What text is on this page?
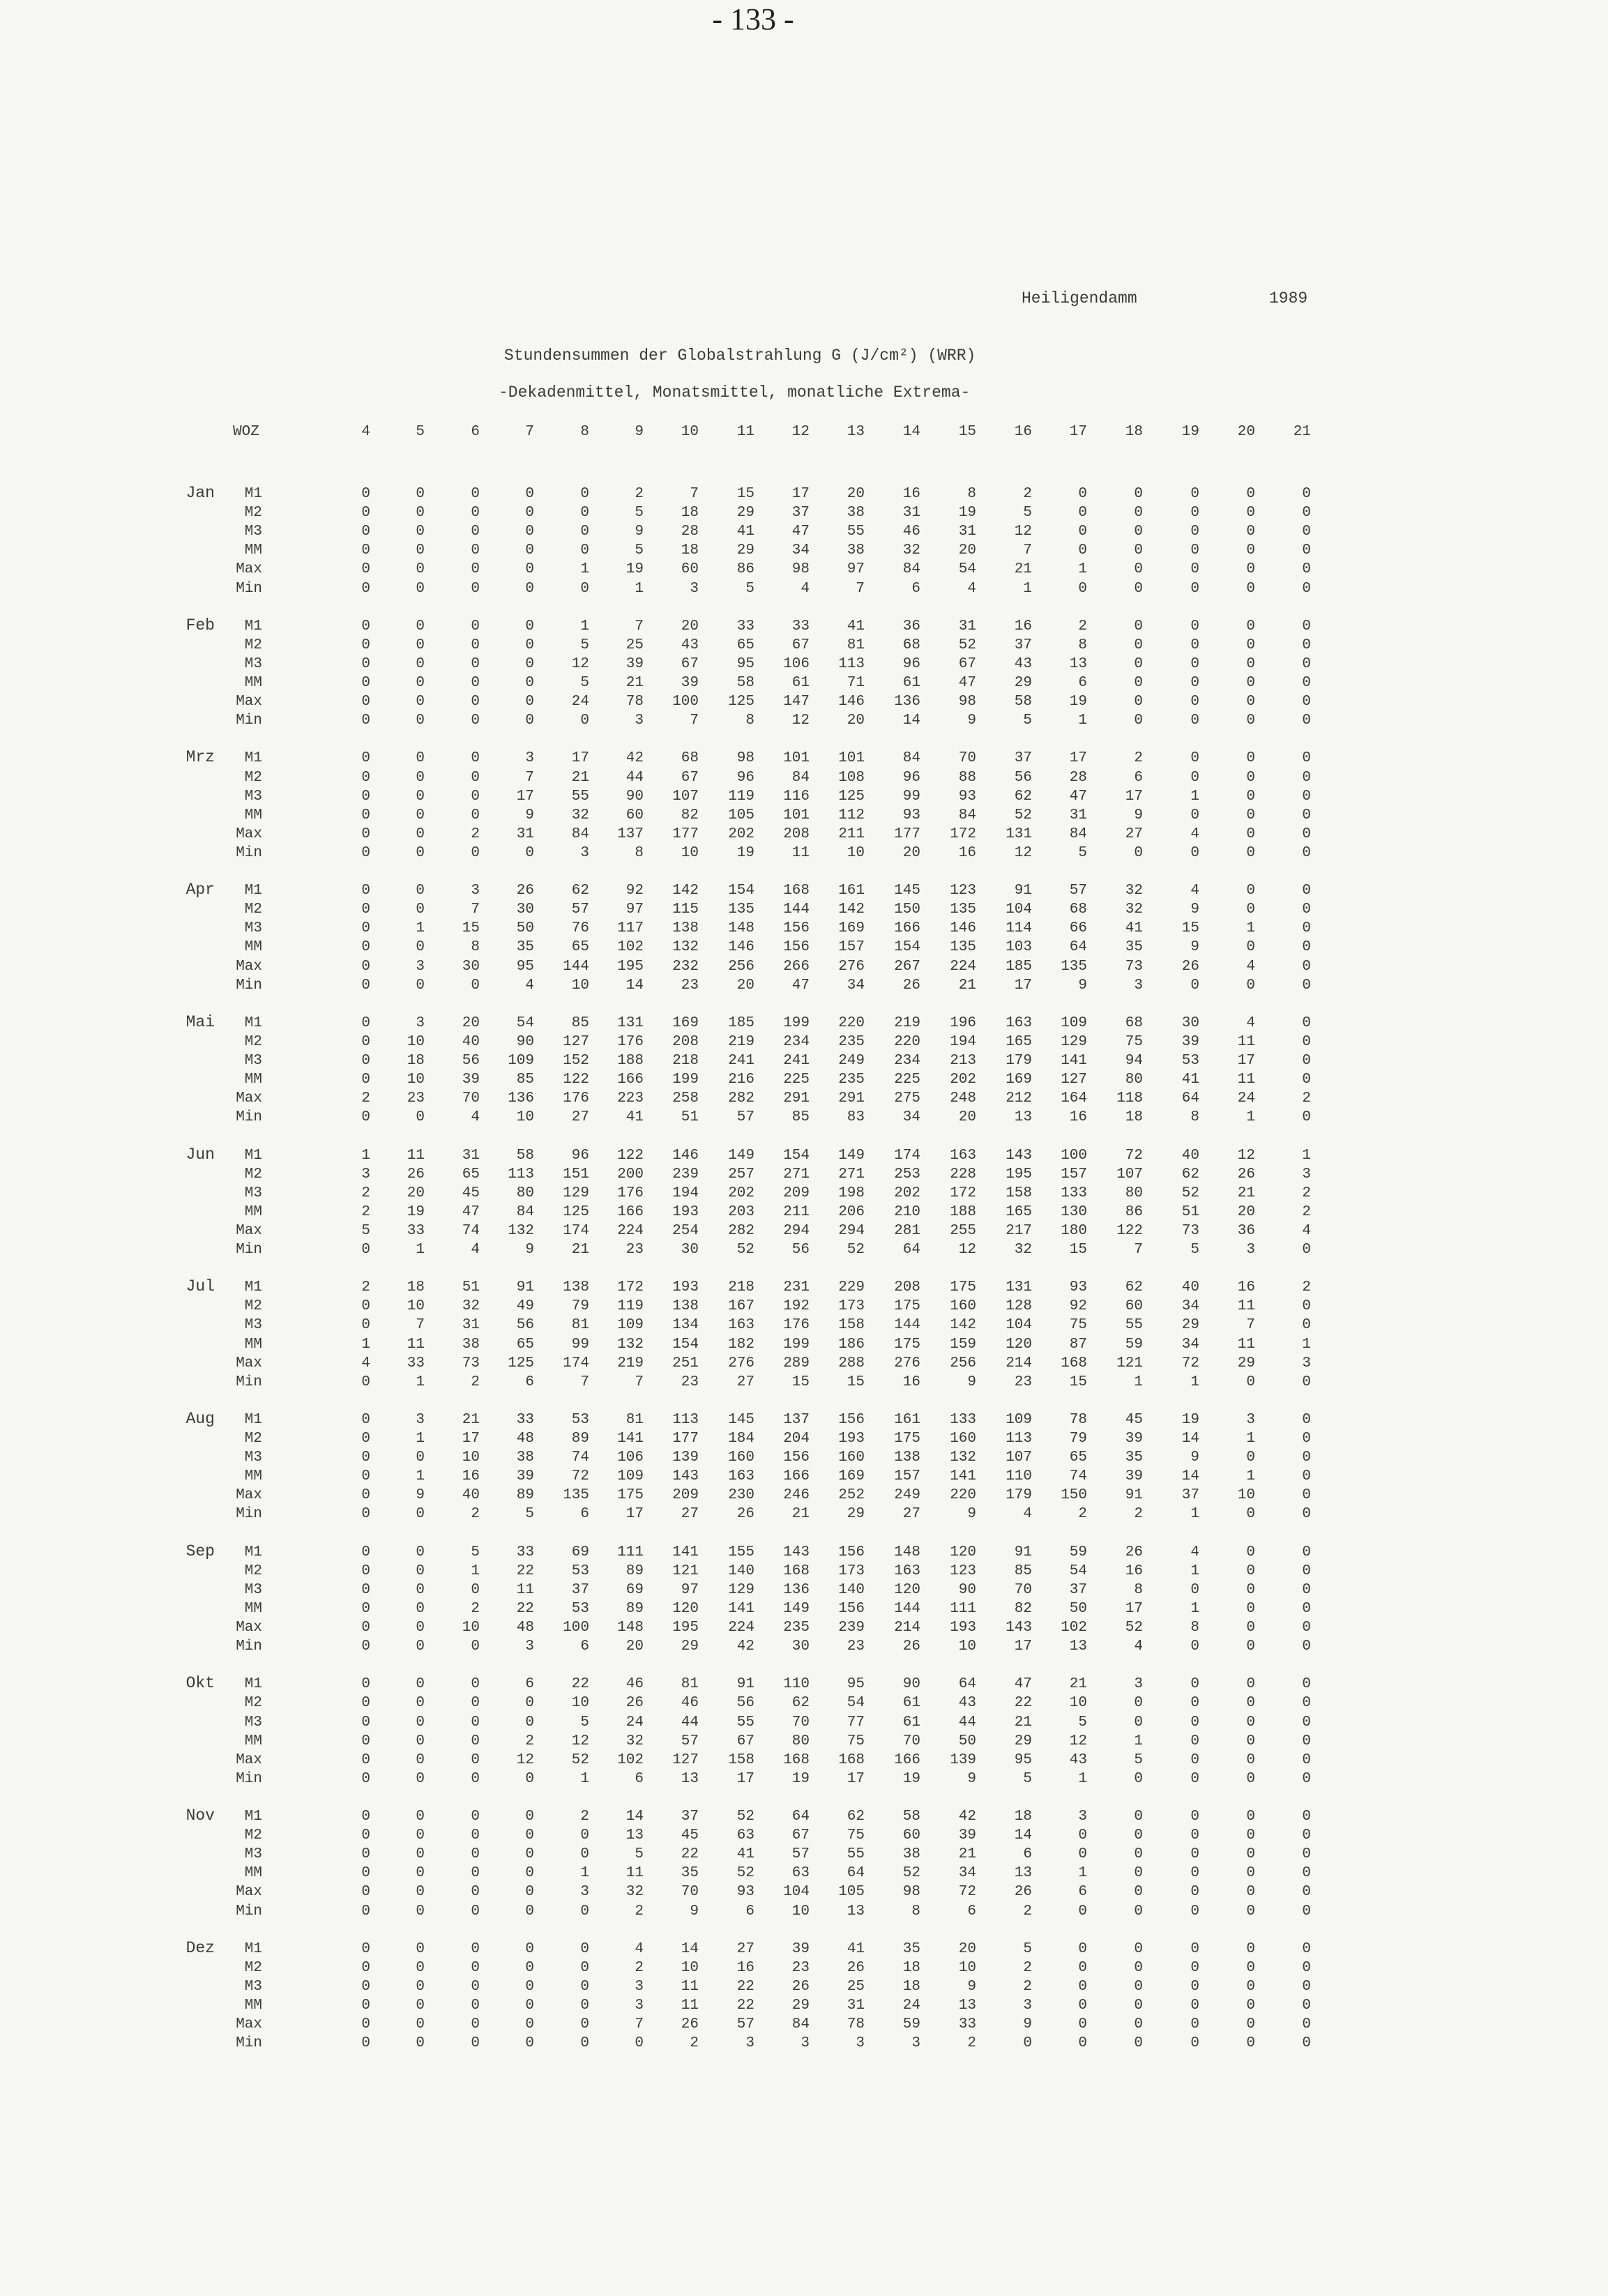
- 133 -
Heiligendamm	1989
Stundensummen der Globalstrahlung G (J/cm²) (WRR)
-Dekadenmittel, Monatsmittel, monatliche Extrema-
WOZ	4	5	6	7	8	9	10	11	12	13	14	15	16	17	18	19	20	21
Jan	M1	0	0	0	0	0	2	7	15	17	20	16	8	2	0	0	0	0	0
M2	0	0	0	0	0	5	18	29	37	38	31	19	5	0	0	0	0	0
M3	0	0	0	0	0	9	28	41	47	55	46	31	12	0	0	0	0	0
MM	0	0	0	0	0	5	18	29	34	38	32	20	7	0	0	0	0	0
Max	0	0	0	0	1	19	60	86	98	97	84	54	21	1	0	0	0	0
Min	0	0	0	0	0	1	3	5	4	7	6	4	1	0	0	0	0	0
Feb	M1	0	0	0	0	1	7	20	33	33	41	36	31	16	2	0	0	0	0
M2	0	0	0	0	5	25	43	65	67	81	68	52	37	8	0	0	0	0
M3	0	0	0	0	12	39	67	95	106	113	96	67	43	13	0	0	0	0
MM	0	0	0	0	5	21	39	58	61	71	61	47	29	6	0	0	0	0
Max	0	0	0	0	24	78	100	125	147	146	136	98	58	19	0	0	0	0
Min	0	0	0	0	0	3	7	8	12	20	14	9	5	1	0	0	0	0
Mrz	M1	0	0	0	3	17	42	68	98	101	101	84	70	37	17	2	0	0	0
M2	0	0	0	7	21	44	67	96	84	108	96	88	56	28	6	0	0	0
M3	0	0	0	17	55	90	107	119	116	125	99	93	62	47	17	1	0	0
MM	0	0	0	9	32	60	82	105	101	112	93	84	52	31	9	0	0	0
Max	0	0	2	31	84	137	177	202	208	211	177	172	131	84	27	4	0	0
Min	0	0	0	0	3	8	10	19	11	10	20	16	12	5	0	0	0	0
Apr	M1	0	0	3	26	62	92	142	154	168	161	145	123	91	57	32	4	0	0
M2	0	0	7	30	57	97	115	135	144	142	150	135	104	68	32	9	0	0
M3	0	1	15	50	76	117	138	148	156	169	166	146	114	66	41	15	1	0
MM	0	0	8	35	65	102	132	146	156	157	154	135	103	64	35	9	0	0
Max	0	3	30	95	144	195	232	256	266	276	267	224	185	135	73	26	4	0
Min	0	0	0	4	10	14	23	20	47	34	26	21	17	9	3	0	0	0
Mai	M1	0	3	20	54	85	131	169	185	199	220	219	196	163	109	68	30	4	0
M2	0	10	40	90	127	176	208	219	234	235	220	194	165	129	75	39	11	0
M3	0	18	56	109	152	188	218	241	241	249	234	213	179	141	94	53	17	0
MM	0	10	39	85	122	166	199	216	225	235	225	202	169	127	80	41	11	0
Max	2	23	70	136	176	223	258	282	291	291	275	248	212	164	118	64	24	2
Min	0	0	4	10	27	41	51	57	85	83	34	20	13	16	18	8	1	0
Jun	M1	1	11	31	58	96	122	146	149	154	149	174	163	143	100	72	40	12	1
M2	3	26	65	113	151	200	239	257	271	271	253	228	195	157	107	62	26	3
M3	2	20	45	80	129	176	194	202	209	198	202	172	158	133	80	52	21	2
MM	2	19	47	84	125	166	193	203	211	206	210	188	165	130	86	51	20	2
Max	5	33	74	132	174	224	254	282	294	294	281	255	217	180	122	73	36	4
Min	0	1	4	9	21	23	30	52	56	52	64	12	32	15	7	5	3	0
Jul	M1	2	18	51	91	138	172	193	218	231	229	208	175	131	93	62	40	16	2
M2	0	10	32	49	79	119	138	167	192	173	175	160	128	92	60	34	11	0
M3	0	7	31	56	81	109	134	163	176	158	144	142	104	75	55	29	7	0
MM	1	11	38	65	99	132	154	182	199	186	175	159	120	87	59	34	11	1
Max	4	33	73	125	174	219	251	276	289	288	276	256	214	168	121	72	29	3
Min	0	1	2	6	7	7	23	27	15	15	16	9	23	15	1	1	0	0
Aug	M1	0	3	21	33	53	81	113	145	137	156	161	133	109	78	45	19	3	0
M2	0	1	17	48	89	141	177	184	204	193	175	160	113	79	39	14	1	0
M3	0	0	10	38	74	106	139	160	156	160	138	132	107	65	35	9	0	0
MM	0	1	16	39	72	109	143	163	166	169	157	141	110	74	39	14	1	0
Max	0	9	40	89	135	175	209	230	246	252	249	220	179	150	91	37	10	0
Min	0	0	2	5	6	17	27	26	21	29	27	9	4	2	2	1	0	0
Sep	M1	0	0	5	33	69	111	141	155	143	156	148	120	91	59	26	4	0	0
M2	0	0	1	22	53	89	121	140	168	173	163	123	85	54	16	1	0	0
M3	0	0	0	11	37	69	97	129	136	140	120	90	70	37	8	0	0	0
MM	0	0	2	22	53	89	120	141	149	156	144	111	82	50	17	1	0	0
Max	0	0	10	48	100	148	195	224	235	239	214	193	143	102	52	8	0	0
Min	0	0	0	3	6	20	29	42	30	23	26	10	17	13	4	0	0	0
Okt	M1	0	0	0	6	22	46	81	91	110	95	90	64	47	21	3	0	0	0
M2	0	0	0	0	10	26	46	56	62	54	61	43	22	10	0	0	0	0
M3	0	0	0	0	5	24	44	55	70	77	61	44	21	5	0	0	0	0
MM	0	0	0	2	12	32	57	67	80	75	70	50	29	12	1	0	0	0
Max	0	0	0	12	52	102	127	158	168	168	166	139	95	43	5	0	0	0
Min	0	0	0	0	1	6	13	17	19	17	19	9	5	1	0	0	0	0
Nov	M1	0	0	0	0	2	14	37	52	64	62	58	42	18	3	0	0	0	0
M2	0	0	0	0	0	13	45	63	67	75	60	39	14	0	0	0	0	0
M3	0	0	0	0	0	5	22	41	57	55	38	21	6	0	0	0	0	0
MM	0	0	0	0	1	11	35	52	63	64	52	34	13	1	0	0	0	0
Max	0	0	0	0	3	32	70	93	104	105	98	72	26	6	0	0	0	0
Min	0	0	0	0	0	2	9	6	10	13	8	6	2	0	0	0	0	0
Dez	M1	0	0	0	0	0	4	14	27	39	41	35	20	5	0	0	0	0	0
M2	0	0	0	0	0	2	10	16	23	26	18	10	2	0	0	0	0	0
M3	0	0	0	0	0	3	11	22	26	25	18	9	2	0	0	0	0	0
MM	0	0	0	0	0	3	11	22	29	31	24	13	3	0	0	0	0	0
Max	0	0	0	0	0	7	26	57	84	78	59	33	9	0	0	0	0	0
Min	0	0	0	0	0	0	2	3	3	3	3	2	0	0	0	0	0	0
